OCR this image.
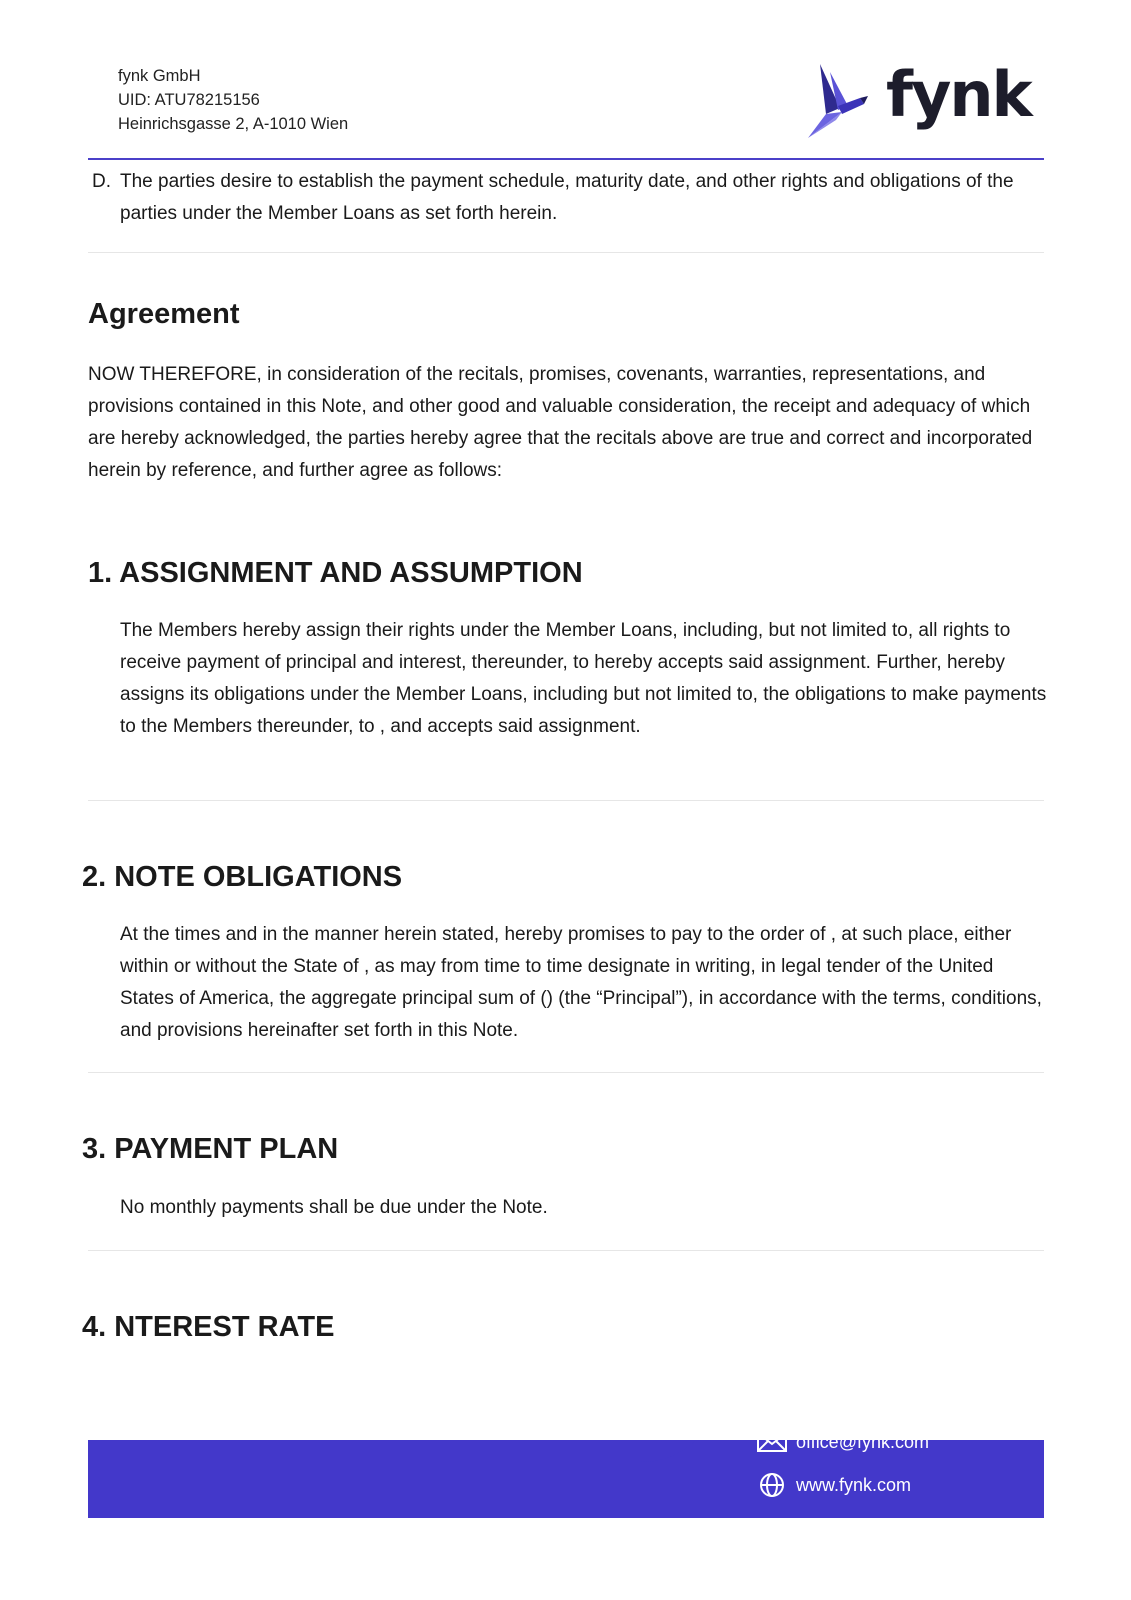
fynk GmbH
UID: ATU78215156
Heinrichsgasse 2, A-1010 Wien	fynk
D. The parties desire to establish the payment schedule, maturity date, and other rights and obligations of the parties under the Member Loans as set forth herein.
Agreement

NOW THEREFORE, in consideration of the recitals, promises, covenants, warranties, representations, and provisions contained in this Note, and other good and valuable consideration, the receipt and adequacy of which are hereby acknowledged, the parties hereby agree that the recitals above are true and correct and incorporated herein by reference, and further agree as follows:

1. ASSIGNMENT AND ASSUMPTION

The Members hereby assign their rights under the Member Loans, including, but not limited to, all rights to receive payment of principal and interest, thereunder, to hereby accepts said assignment. Further, hereby assigns its obligations under the Member Loans, including but not limited to, the obligations to make payments to the Members thereunder, to , and accepts said assignment.

2. NOTE OBLIGATIONS

At the times and in the manner herein stated, hereby promises to pay to the order of , at such place, either within or without the State of , as may from time to time designate in writing, in legal tender of the United States of America, the aggregate principal sum of () (the “Principal”), in accordance with the terms, conditions, and provisions hereinafter set forth in this Note.

3. PAYMENT PLAN

No monthly payments shall be due under the Note.

4. NTEREST RATE
office@fynk.com
www.fynk.com
